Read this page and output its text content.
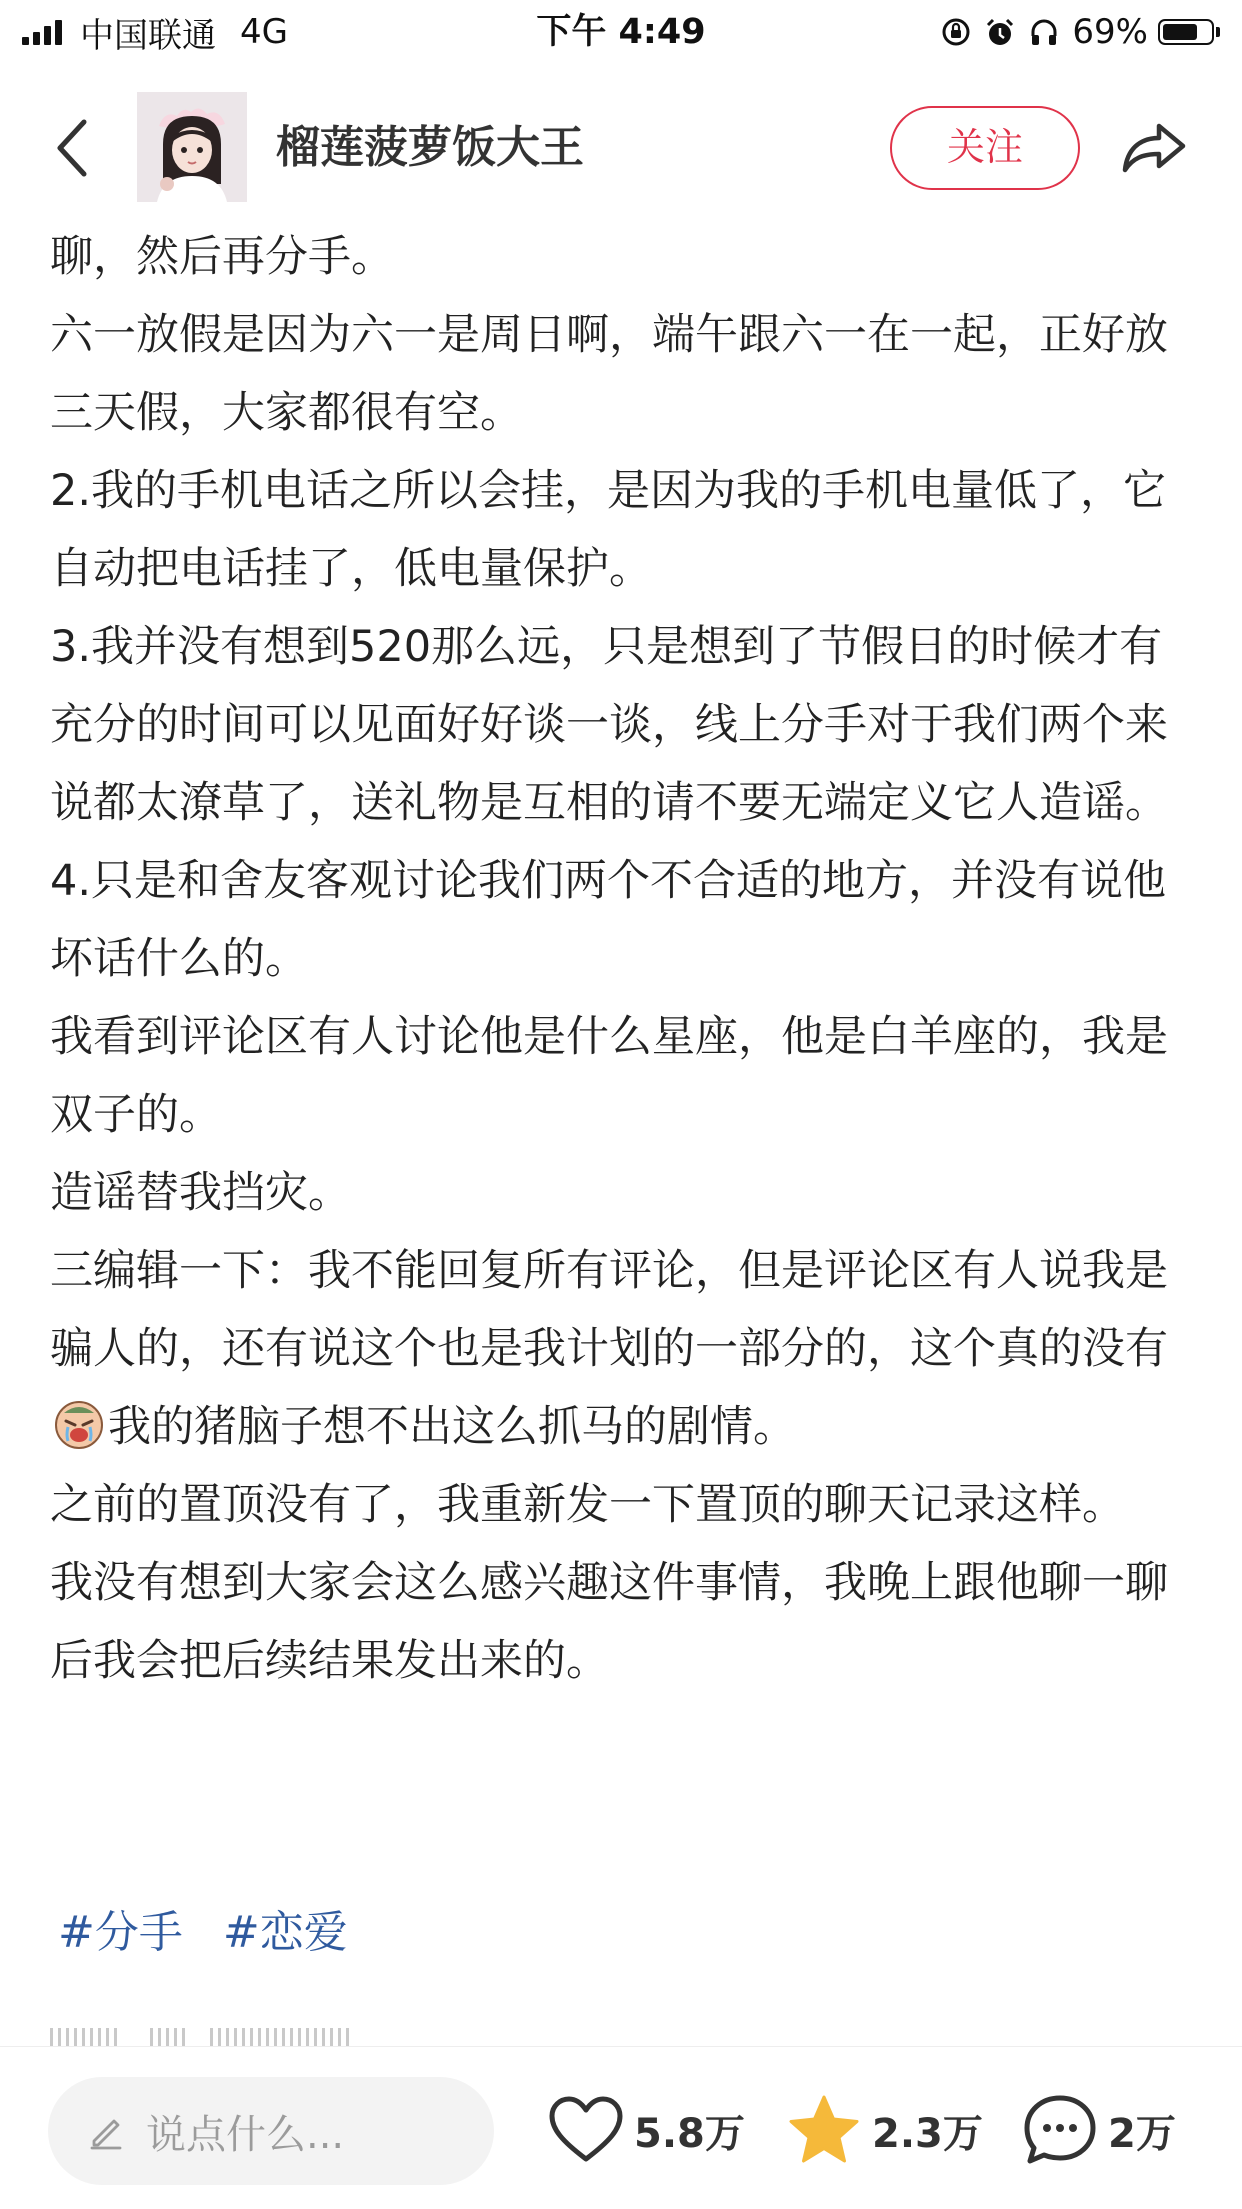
中国联通 4G	下午 4:49	69%
榴莲菠萝饭大王	关注
聊，然后再分手。
六一放假是因为六一是周日啊，端午跟六一在一起，正好放三天假，大家都很有空。
2.我的手机电话之所以会挂，是因为我的手机电量低了，它自动把电话挂了，低电量保护。
3.我并没有想到520那么远，只是想到了节假日的时候才有充分的时间可以见面好好谈一谈，线上分手对于我们两个来说都太潦草了，送礼物是互相的请不要无端定义它人造谣。
4.只是和舍友客观讨论我们两个不合适的地方，并没有说他坏话什么的。
我看到评论区有人讨论他是什么星座，他是白羊座的，我是双子的。
造谣替我挡灾。
三编辑一下：我不能回复所有评论，但是评论区有人说我是骗人的，还有说这个也是我计划的一部分的，这个真的没有我的猪脑子想不出这么抓马的剧情。
之前的置顶没有了，我重新发一下置顶的聊天记录这样。
我没有想到大家会这么感兴趣这件事情，我晚上跟他聊一聊后我会把后续结果发出来的。
#分手 #恋爱
说点什么...	5.8万	2.3万	2万
